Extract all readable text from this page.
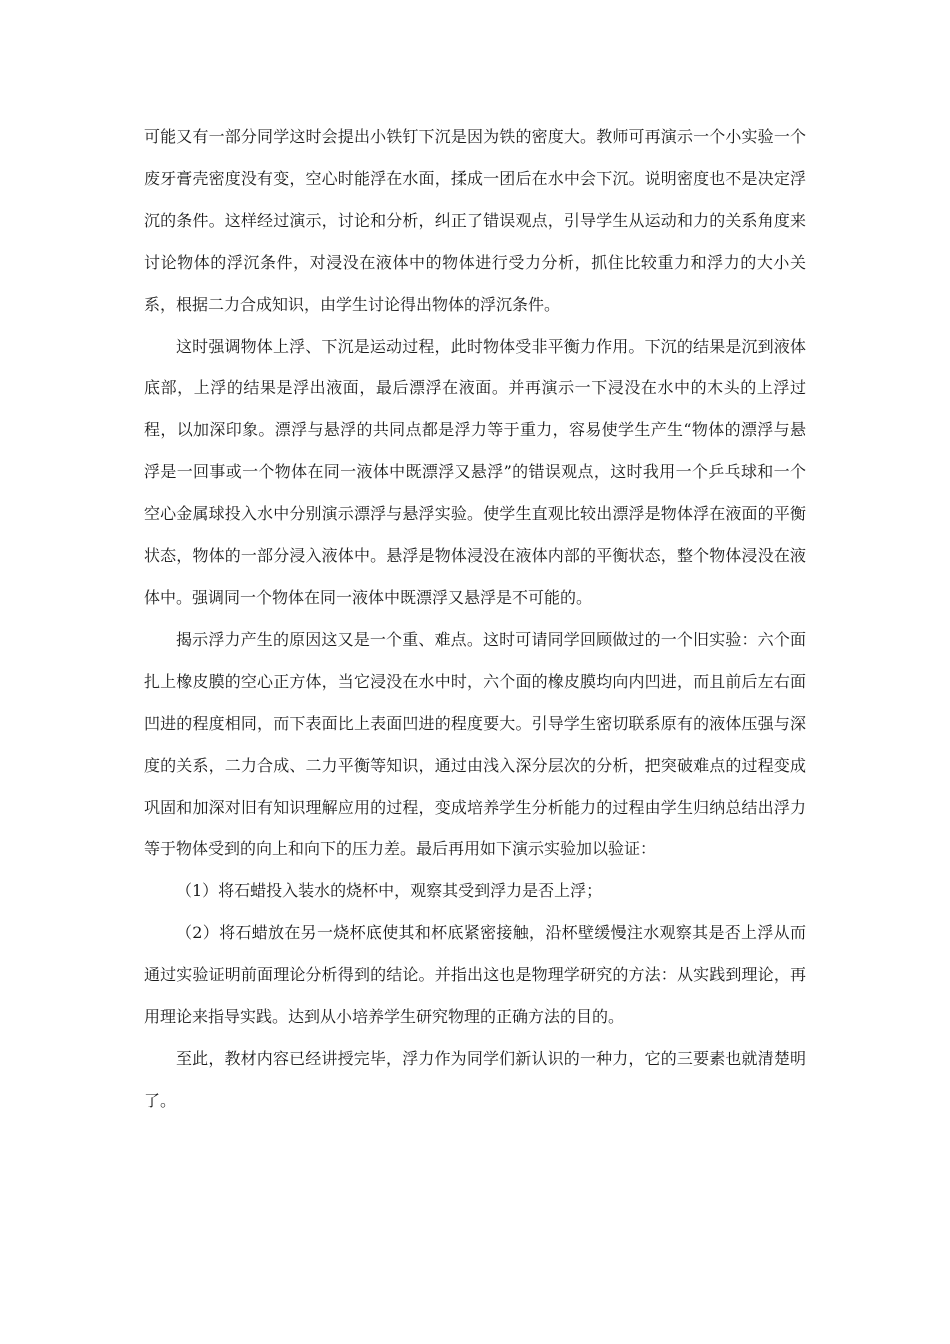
可能又有一部分同学这时会提出小铁钉下沉是因为铁的密度大。教师可再演示一个小实验一个废牙膏壳密度没有变，空心时能浮在水面，揉成一团后在水中会下沉。说明密度也不是决定浮沉的条件。这样经过演示，讨论和分析，纠正了错误观点，引导学生从运动和力的关系角度来讨论物体的浮沉条件，对浸没在液体中的物体进行受力分析，抓住比较重力和浮力的大小关系，根据二力合成知识，由学生讨论得出物体的浮沉条件。

这时强调物体上浮、下沉是运动过程，此时物体受非平衡力作用。下沉的结果是沉到液体底部，上浮的结果是浮出液面，最后漂浮在液面。并再演示一下浸没在水中的木头的上浮过程，以加深印象。漂浮与悬浮的共同点都是浮力等于重力，容易使学生产生“物体的漂浮与悬浮是一回事或一个物体在同一液体中既漂浮又悬浮”的错误观点，这时我用一个乒乓球和一个空心金属球投入水中分别演示漂浮与悬浮实验。使学生直观比较出漂浮是物体浮在液面的平衡状态，物体的一部分浸入液体中。悬浮是物体浸没在液体内部的平衡状态，整个物体浸没在液体中。强调同一个物体在同一液体中既漂浮又悬浮是不可能的。

揭示浮力产生的原因这又是一个重、难点。这时可请同学回顾做过的一个旧实验：六个面扎上橡皮膜的空心正方体，当它浸没在水中时，六个面的橡皮膜均向内凹进，而且前后左右面凹进的程度相同，而下表面比上表面凹进的程度要大。引导学生密切联系原有的液体压强与深度的关系，二力合成、二力平衡等知识，通过由浅入深分层次的分析，把突破难点的过程变成巩固和加深对旧有知识理解应用的过程，变成培养学生分析能力的过程由学生归纳总结出浮力等于物体受到的向上和向下的压力差。最后再用如下演示实验加以验证：

（1）将石蜡投入装水的烧杯中，观察其受到浮力是否上浮；

（2）将石蜡放在另一烧杯底使其和杯底紧密接触，沿杯壁缓慢注水观察其是否上浮从而通过实验证明前面理论分析得到的结论。并指出这也是物理学研究的方法：从实践到理论，再用理论来指导实践。达到从小培养学生研究物理的正确方法的目的。

至此，教材内容已经讲授完毕，浮力作为同学们新认识的一种力，它的三要素也就清楚明了。
